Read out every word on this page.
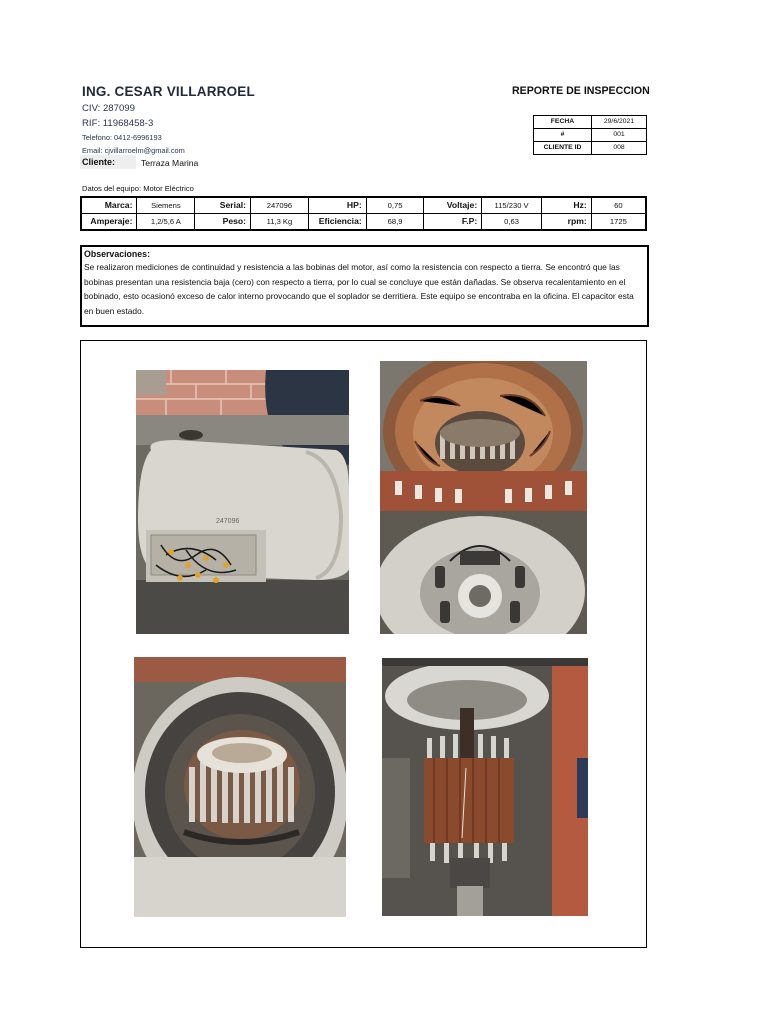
ING. CESAR VILLARROEL
CIV: 287099
RIF: 11968458-3
Telefono: 0412-6996193
Email: cjvillarroelm@gmail.com
Cliente:	Terraza Marina
REPORTE DE INSPECCION
FECHA	29/6/2021
#	001
CLIENTE ID	008
Datos del equipo: Motor Eléctrico
Marca:	Siemens	Serial:	247096	HP:	0,75	Voltaje:	115/230 V	Hz:	60
Amperaje:	1,2/5,6 A	Peso:	11,3 Kg	Eficiencia:	68,9	F.P:	0,63	rpm:	1725
Observaciones:
Se realizaron mediciones de continuidad y resistencia a las bobinas del motor, así como la resistencia con respecto a tierra. Se encontró que las bobinas presentan una resistencia baja (cero) con respecto a tierra, por lo cual se concluye que están dañadas. Se observa recalentamiento en el bobinado, esto ocasionó exceso de calor interno provocando que el soplador se derritiera. Este equipo se encontraba en la oficina. El capacitor esta en buen estado.
247096
